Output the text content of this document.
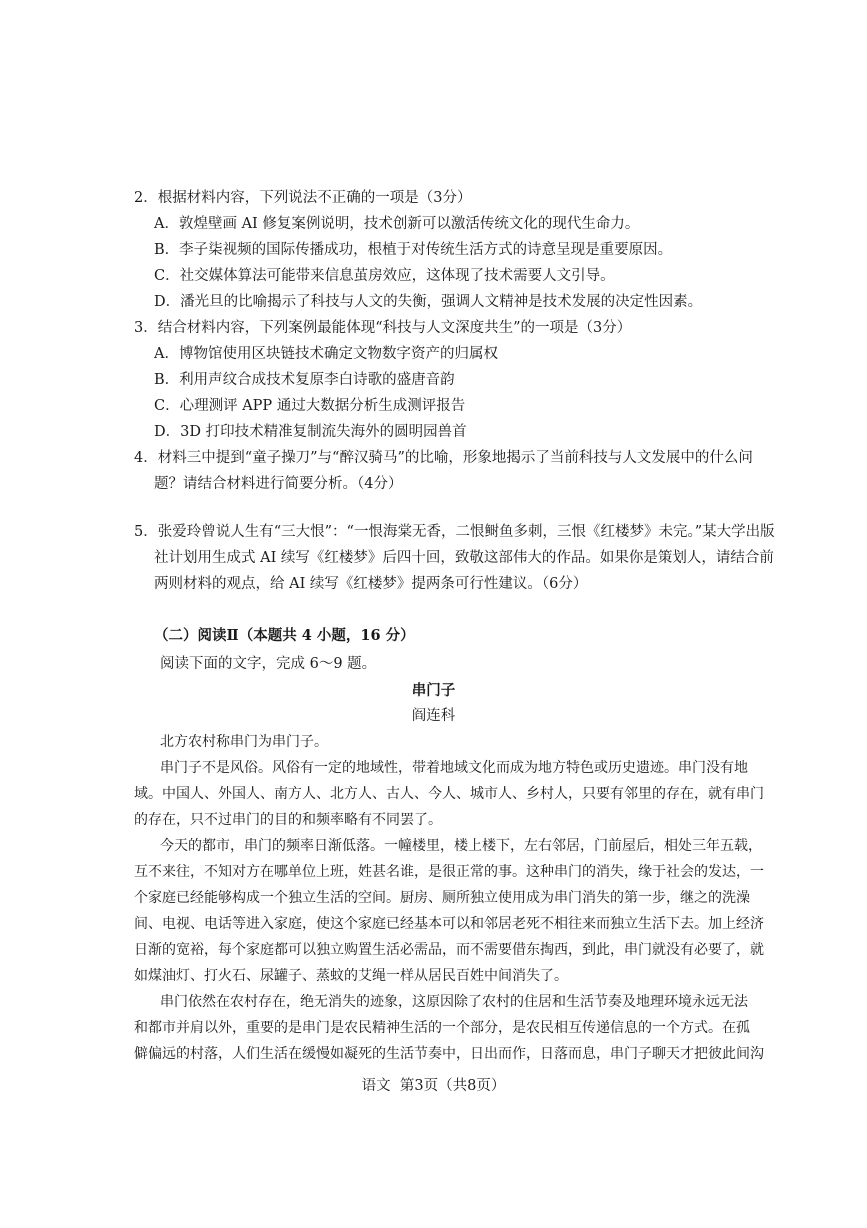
2．根据材料内容，下列说法不正确的一项是（3分）
A．敦煌壁画 AI 修复案例说明，技术创新可以激活传统文化的现代生命力。
B．李子柒视频的国际传播成功，根植于对传统生活方式的诗意呈现是重要原因。
C．社交媒体算法可能带来信息茧房效应，这体现了技术需要人文引导。
D．潘光旦的比喻揭示了科技与人文的失衡，强调人文精神是技术发展的决定性因素。
3．结合材料内容，下列案例最能体现“科技与人文深度共生”的一项是（3分）
A．博物馆使用区块链技术确定文物数字资产的归属权
B．利用声纹合成技术复原李白诗歌的盛唐音韵
C．心理测评 APP 通过大数据分析生成测评报告
D．3D 打印技术精准复制流失海外的圆明园兽首
4．材料三中提到“童子操刀”与“醉汉骑马”的比喻，形象地揭示了当前科技与人文发展中的什么问
题？请结合材料进行简要分析。（4分）
5．张爱玲曾说人生有“三大恨”：“一恨海棠无香，二恨鲥鱼多刺，三恨《红楼梦》未完。”某大学出版
社计划用生成式 AI 续写《红楼梦》后四十回，致敬这部伟大的作品。如果你是策划人，请结合前
两则材料的观点，给 AI 续写《红楼梦》提两条可行性建议。（6分）
（二）阅读Ⅱ（本题共 4 小题，16 分）
阅读下面的文字，完成 6～9 题。
串门子
阎连科
北方农村称串门为串门子。
串门子不是风俗。风俗有一定的地域性，带着地域文化而成为地方特色或历史遗迹。串门没有地
域。中国人、外国人、南方人、北方人、古人、今人、城市人、乡村人，只要有邻里的存在，就有串门
的存在，只不过串门的目的和频率略有不同罢了。
今天的都市，串门的频率日渐低落。一幢楼里，楼上楼下，左右邻居，门前屋后，相处三年五载，
互不来往，不知对方在哪单位上班，姓甚名谁，是很正常的事。这种串门的消失，缘于社会的发达，一
个家庭已经能够构成一个独立生活的空间。厨房、厕所独立使用成为串门消失的第一步，继之的洗澡
间、电视、电话等进入家庭，使这个家庭已经基本可以和邻居老死不相往来而独立生活下去。加上经济
日渐的宽裕，每个家庭都可以独立购置生活必需品，而不需要借东掏西，到此，串门就没有必要了，就
如煤油灯、打火石、尿罐子、蒸蚊的艾绳一样从居民百姓中间消失了。
串门依然在农村存在，绝无消失的迹象，这原因除了农村的住居和生活节奏及地理环境永远无法
和都市并肩以外，重要的是串门是农民精神生活的一个部分，是农民相互传递信息的一个方式。在孤
僻偏远的村落，人们生活在缓慢如凝死的生活节奏中，日出而作，日落而息，串门子聊天才把彼此间沟
语文  第3页（共8页）
